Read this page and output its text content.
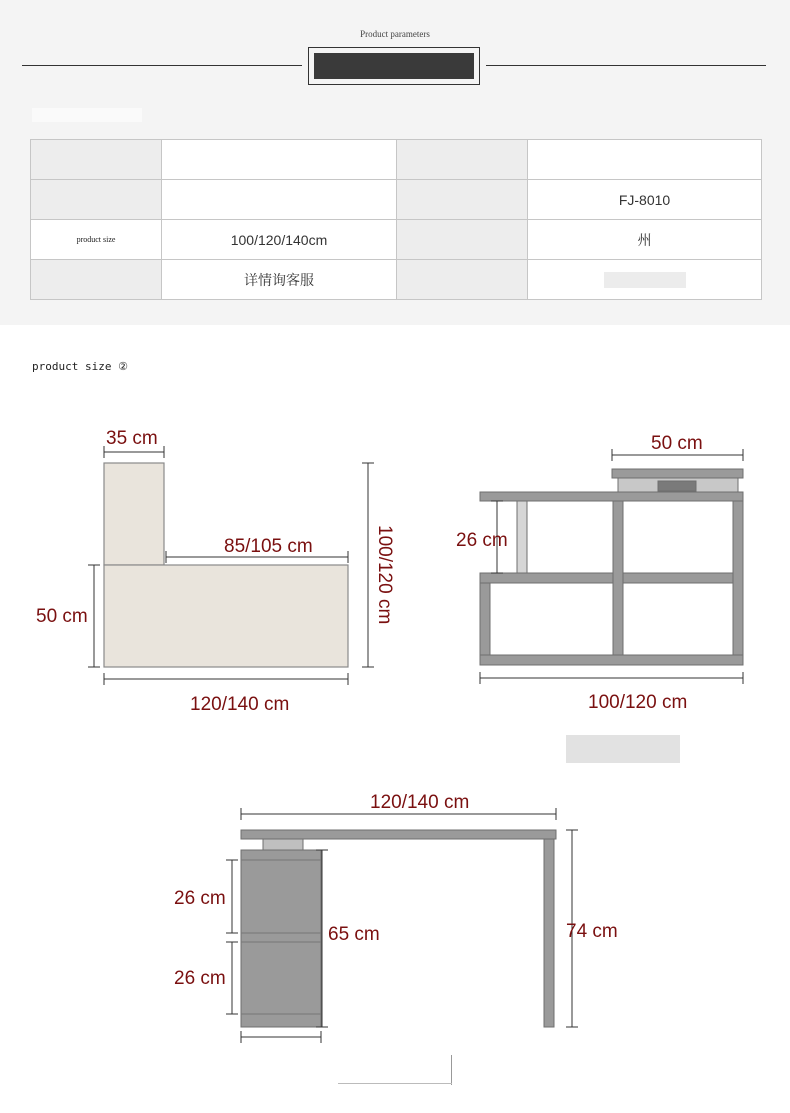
Product parameters

			FJ-8010
product size	100/120/140cm		州
	详情询客服		
product size ②
35 cm
85/105 cm
50 cm	100/120 cm
120/140 cm
50 cm
26 cm
100/120 cm
120/140 cm
26 cm
26 cm
65 cm	74 cm
